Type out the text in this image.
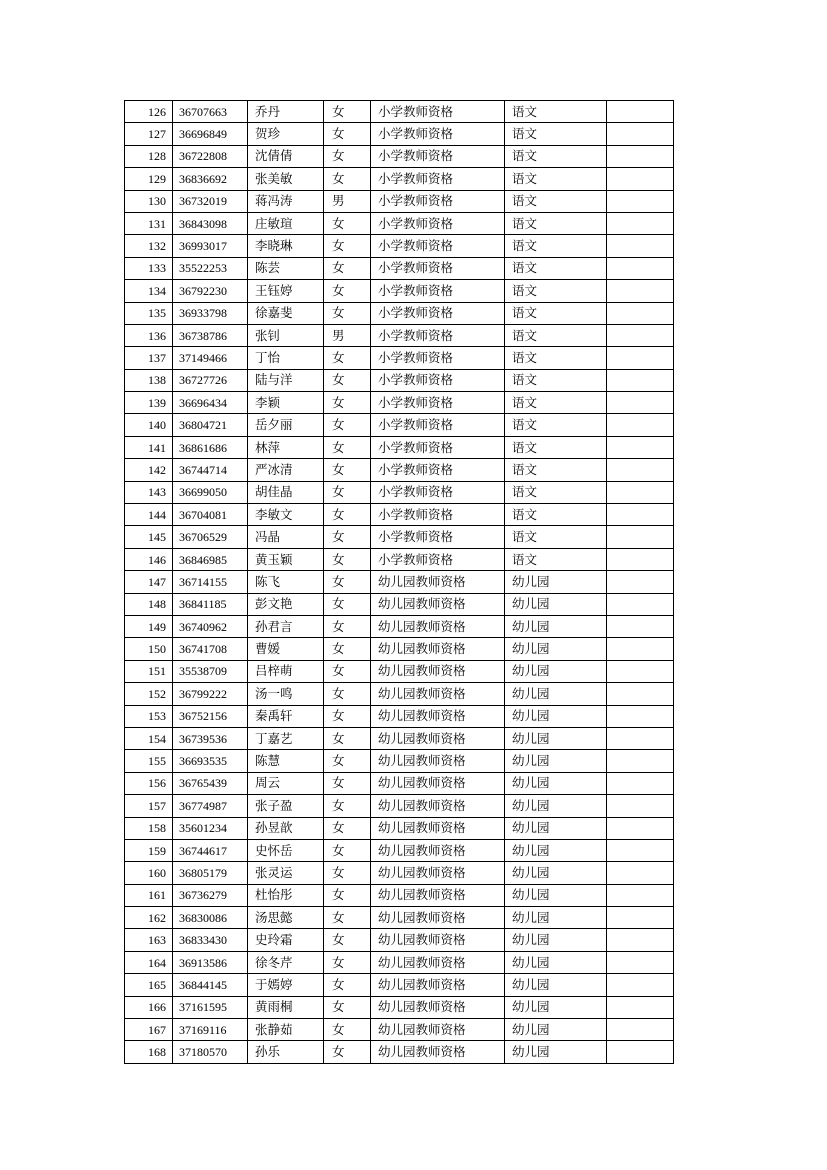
126	36707663	乔丹	女	小学教师资格	语文	
127	36696849	贺珍	女	小学教师资格	语文	
128	36722808	沈倩倩	女	小学教师资格	语文	
129	36836692	张美敏	女	小学教师资格	语文	
130	36732019	蒋冯涛	男	小学教师资格	语文	
131	36843098	庄敏瑄	女	小学教师资格	语文	
132	36993017	李晓琳	女	小学教师资格	语文	
133	35522253	陈芸	女	小学教师资格	语文	
134	36792230	王钰婷	女	小学教师资格	语文	
135	36933798	徐嘉斐	女	小学教师资格	语文	
136	36738786	张钊	男	小学教师资格	语文	
137	37149466	丁怡	女	小学教师资格	语文	
138	36727726	陆与洋	女	小学教师资格	语文	
139	36696434	李颖	女	小学教师资格	语文	
140	36804721	岳夕丽	女	小学教师资格	语文	
141	36861686	林萍	女	小学教师资格	语文	
142	36744714	严冰清	女	小学教师资格	语文	
143	36699050	胡佳晶	女	小学教师资格	语文	
144	36704081	李敏文	女	小学教师资格	语文	
145	36706529	冯晶	女	小学教师资格	语文	
146	36846985	黄玉颖	女	小学教师资格	语文	
147	36714155	陈飞	女	幼儿园教师资格	幼儿园	
148	36841185	彭文艳	女	幼儿园教师资格	幼儿园	
149	36740962	孙君言	女	幼儿园教师资格	幼儿园	
150	36741708	曹媛	女	幼儿园教师资格	幼儿园	
151	35538709	吕梓萌	女	幼儿园教师资格	幼儿园	
152	36799222	汤一鸣	女	幼儿园教师资格	幼儿园	
153	36752156	秦禹轩	女	幼儿园教师资格	幼儿园	
154	36739536	丁嘉艺	女	幼儿园教师资格	幼儿园	
155	36693535	陈慧	女	幼儿园教师资格	幼儿园	
156	36765439	周云	女	幼儿园教师资格	幼儿园	
157	36774987	张子盈	女	幼儿园教师资格	幼儿园	
158	35601234	孙昱歆	女	幼儿园教师资格	幼儿园	
159	36744617	史怀岳	女	幼儿园教师资格	幼儿园	
160	36805179	张灵运	女	幼儿园教师资格	幼儿园	
161	36736279	杜怡彤	女	幼儿园教师资格	幼儿园	
162	36830086	汤思懿	女	幼儿园教师资格	幼儿园	
163	36833430	史玲霜	女	幼儿园教师资格	幼儿园	
164	36913586	徐冬芹	女	幼儿园教师资格	幼儿园	
165	36844145	于嫣婷	女	幼儿园教师资格	幼儿园	
166	37161595	黄雨桐	女	幼儿园教师资格	幼儿园	
167	37169116	张静茹	女	幼儿园教师资格	幼儿园	
168	37180570	孙乐	女	幼儿园教师资格	幼儿园	
